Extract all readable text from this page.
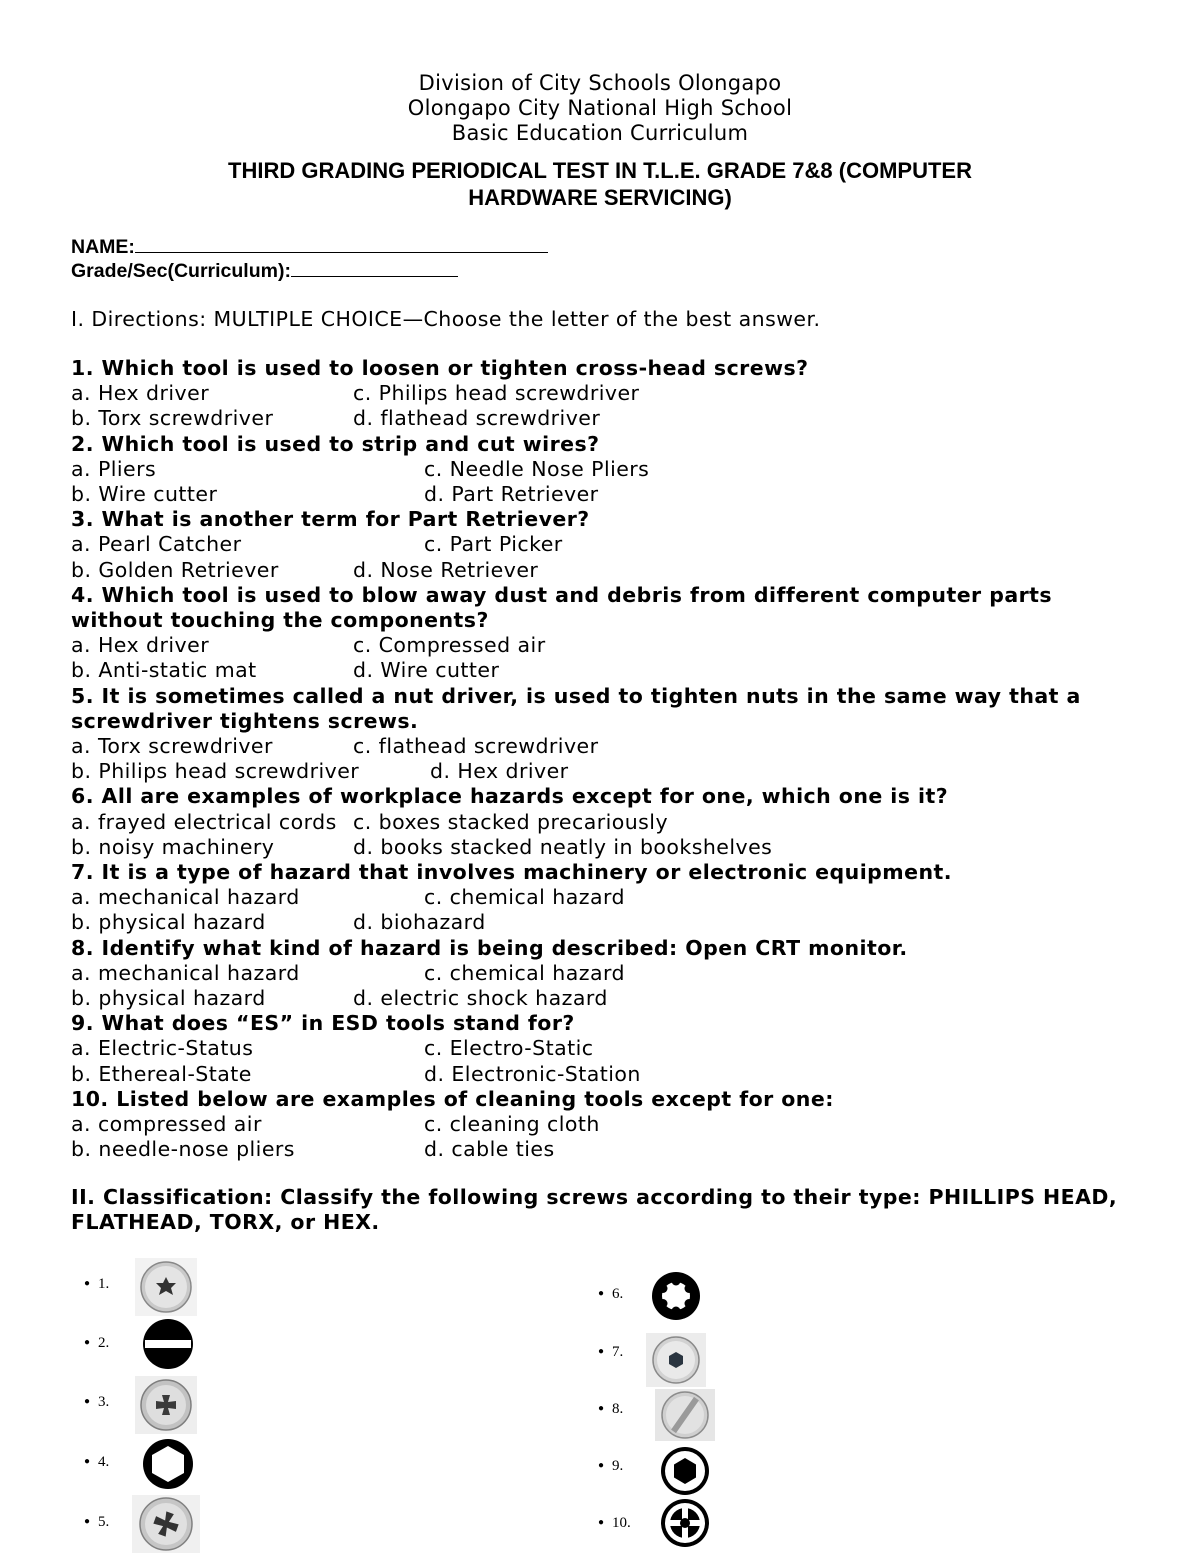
Division of City Schools Olongapo
Olongapo City National High School
Basic Education Curriculum
THIRD GRADING PERIODICAL TEST IN T.L.E. GRADE 7&8 (COMPUTER
HARDWARE SERVICING)
NAME:
Grade/Sec(Curriculum):
I. Directions: MULTIPLE CHOICE—Choose the letter of the best answer.
1. Which tool is used to loosen or tighten cross-head screws?
a. Hex driver	c. Philips head screwdriver
b. Torx screwdriver	d. flathead screwdriver
2. Which tool is used to strip and cut wires?
a. Pliers	c. Needle Nose Pliers
b. Wire cutter	d. Part Retriever
3. What is another term for Part Retriever?
a. Pearl Catcher	c. Part Picker
b. Golden Retriever	d. Nose Retriever
4. Which tool is used to blow away dust and debris from different computer parts
without touching the components?
a. Hex driver	c. Compressed air
b. Anti-static mat	d. Wire cutter
5. It is sometimes called a nut driver, is used to tighten nuts in the same way that a
screwdriver tightens screws.
a. Torx screwdriver	c. flathead screwdriver
b. Philips head screwdriver	d. Hex driver
6. All are examples of workplace hazards except for one, which one is it?
a. frayed electrical cords c. boxes stacked precariously
b. noisy machinery	d. books stacked neatly in bookshelves
7. It is a type of hazard that involves machinery or electronic equipment.
a. mechanical hazard	c. chemical hazard
b. physical hazard	d. biohazard
8. Identify what kind of hazard is being described: Open CRT monitor.
a. mechanical hazard	c. chemical hazard
b. physical hazard	d. electric shock hazard
9. What does “ES” in ESD tools stand for?
a. Electric-Status	c. Electro-Static
b. Ethereal-State	d. Electronic-Station
10. Listed below are examples of cleaning tools except for one:
a. compressed air	c. cleaning cloth
b. needle-nose pliers	d. cable ties
II. Classification: Classify the following screws according to their type: PHILLIPS HEAD,
FLATHEAD, TORX, or HEX.
● 1.
● 2.
● 3.
● 4.
● 5.
● 6.
● 7.
● 8.
● 9.
● 10.
